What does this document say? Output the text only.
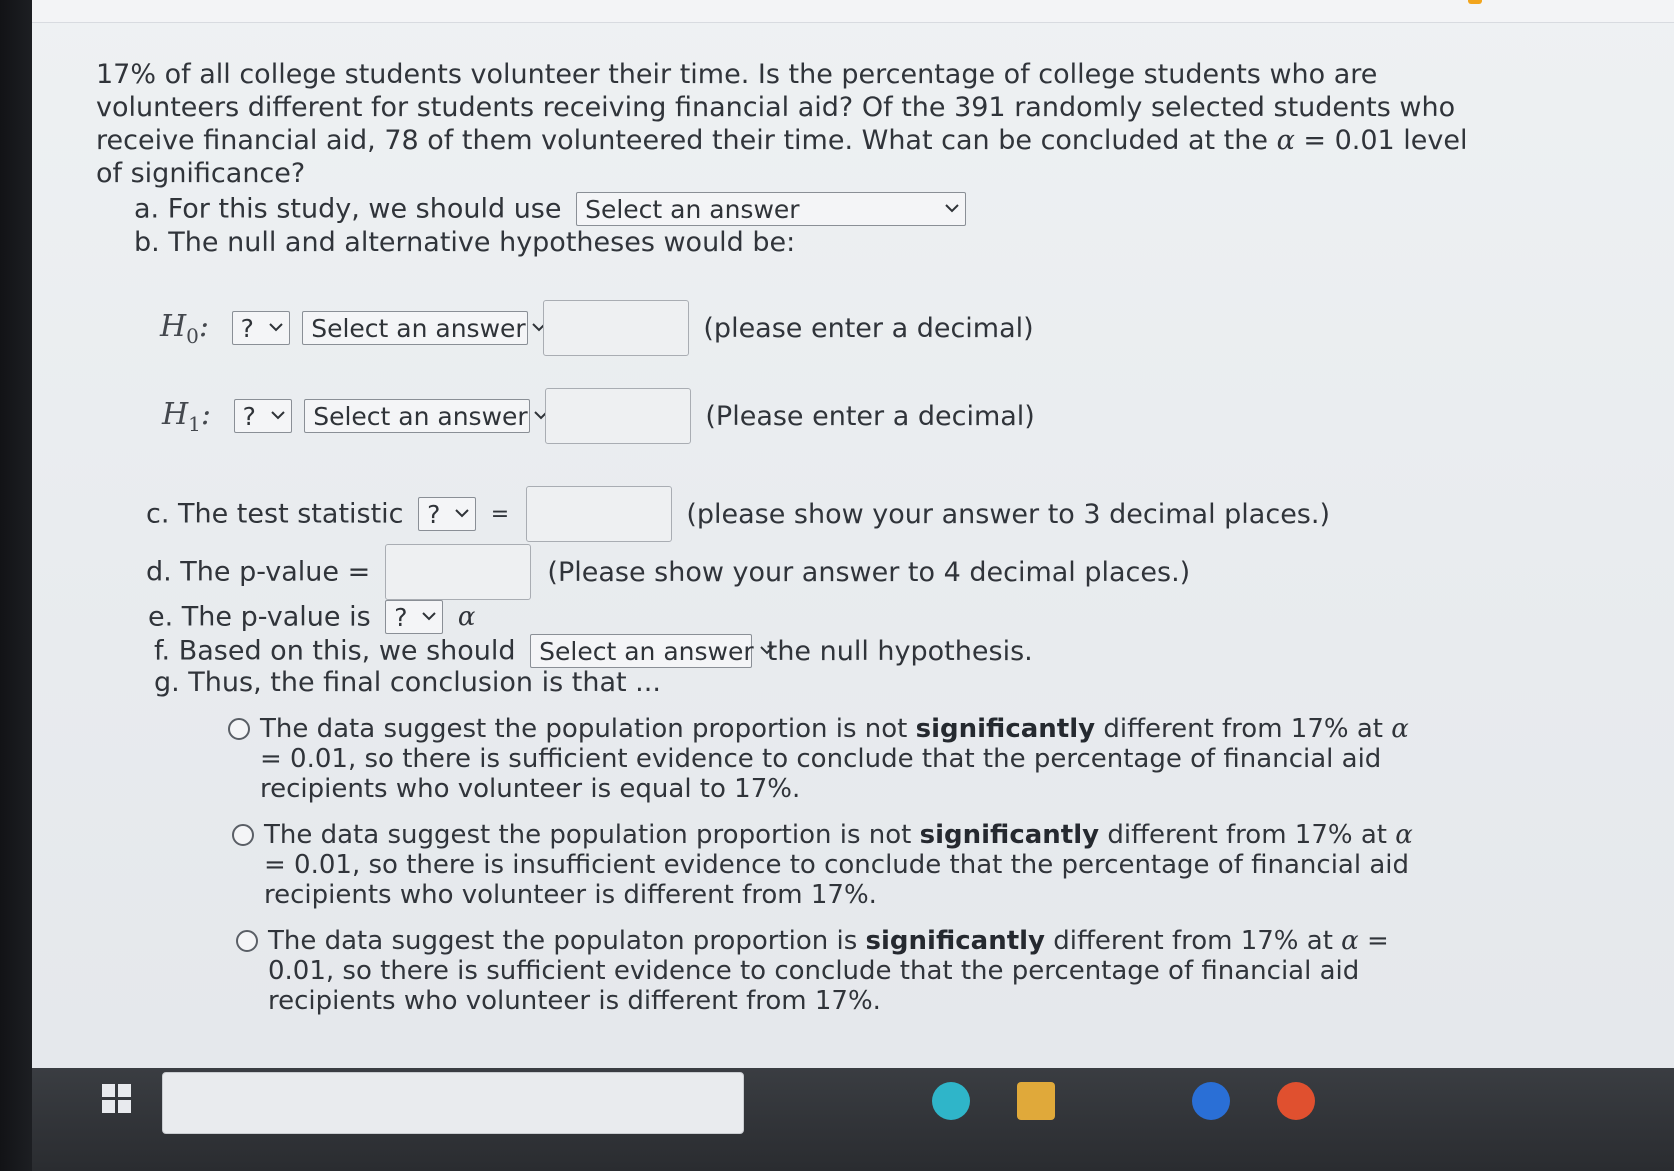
17% of all college students volunteer their time. Is the percentage of college students who are volunteers different for students receiving financial aid? Of the 391 randomly selected students who receive financial aid, 78 of them volunteered their time. What can be concluded at the α = 0.01 level of significance?
a. For this study, we should use Select an answer
b. The null and alternative hypotheses would be:
$H_0$: ?
Select an answer	(please enter a decimal)
$H_1$: ?
Select an answer	(Please enter a decimal)
c. The test statistic ? =	(please show your answer to 3 decimal places.)
d. The p-value =	(Please show your answer to 4 decimal places.)
e. The p-value is ? α
f. Based on this, we should Select an answer the null hypothesis.
g. Thus, the final conclusion is that ...
The data suggest the population proportion is not significantly different from 17% at α = 0.01, so there is sufficient evidence to conclude that the percentage of financial aid recipients who volunteer is equal to 17%.
The data suggest the population proportion is not significantly different from 17% at α = 0.01, so there is insufficient evidence to conclude that the percentage of financial aid recipients who volunteer is different from 17%.
The data suggest the populaton proportion is significantly different from 17% at α = 0.01, so there is sufficient evidence to conclude that the percentage of financial aid recipients who volunteer is different from 17%.
